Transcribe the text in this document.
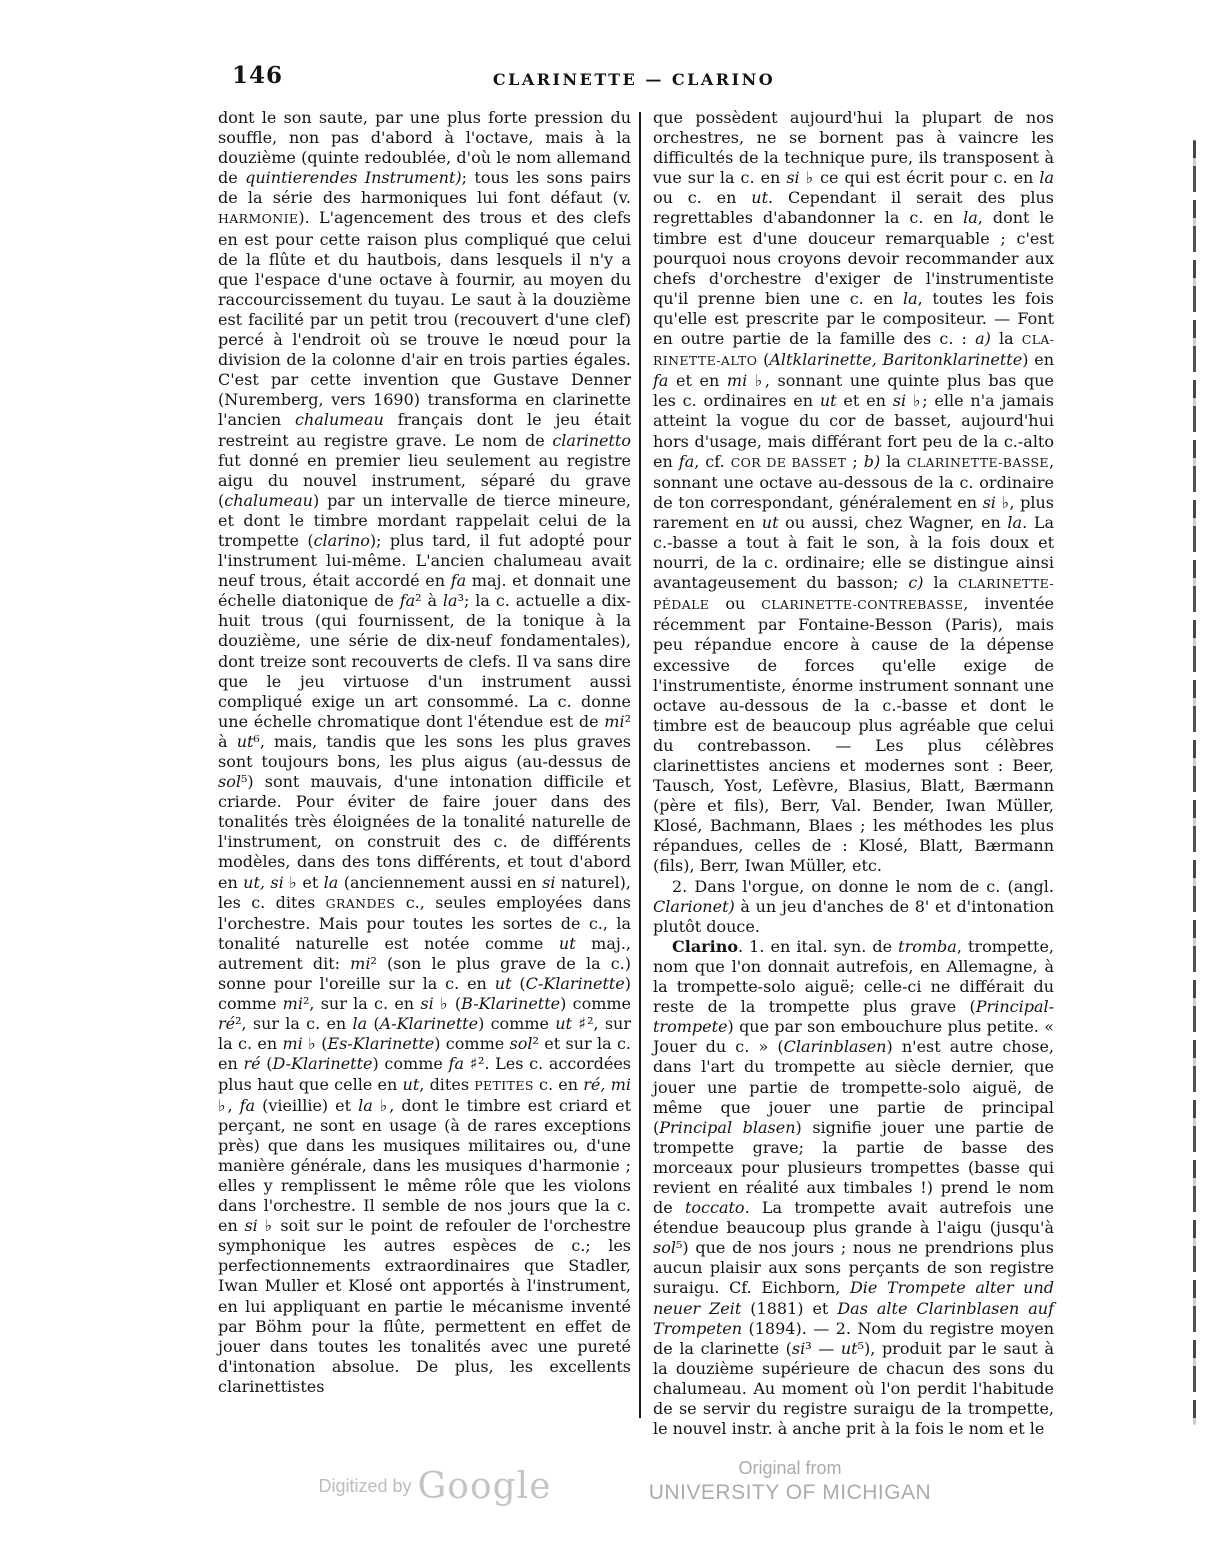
146	CLARINETTE — CLARINO

dont le son saute, par une plus forte pression du souffle, non pas d'abord à l'octave, mais à la douzième (quinte redoublée, d'où le nom allemand de quintierendes Instrument); tous les sons pairs de la série des harmoniques lui font défaut (v. HARMONIE). L'agencement des trous et des clefs en est pour cette raison plus compliqué que celui de la flûte et du hautbois, dans lesquels il n'y a que l'espace d'une octave à fournir, au moyen du raccourcissement du tuyau. Le saut à la douzième est facilité par un petit trou (recouvert d'une clef) percé à l'endroit où se trouve le nœud pour la division de la colonne d'air en trois parties égales. C'est par cette invention que Gustave Denner (Nuremberg, vers 1690) transforma en clarinette l'ancien chalumeau français dont le jeu était restreint au registre grave. Le nom de clarinetto fut donné en premier lieu seulement au registre aigu du nouvel instrument, séparé du grave (chalumeau) par un intervalle de tierce mineure, et dont le timbre mordant rappelait celui de la trompette (clarino); plus tard, il fut adopté pour l'instrument lui-même. L'ancien chalumeau avait neuf trous, était accordé en fa maj. et donnait une échelle diatonique de fa² à la³; la c. actuelle a dix-huit trous (qui fournissent, de la tonique à la douzième, une série de dix-neuf fondamentales), dont treize sont recouverts de clefs. Il va sans dire que le jeu virtuose d'un instrument aussi compliqué exige un art consommé. La c. donne une échelle chromatique dont l'étendue est de mi² à ut⁶, mais, tandis que les sons les plus graves sont toujours bons, les plus aigus (au-dessus de sol⁵) sont mauvais, d'une intonation difficile et criarde. Pour éviter de faire jouer dans des tonalités très éloignées de la tonalité naturelle de l'instrument, on construit des c. de différents modèles, dans des tons différents, et tout d'abord en ut, si ♭ et la (anciennement aussi en si naturel), les c. dites GRANDES c., seules employées dans l'orchestre. Mais pour toutes les sortes de c., la tonalité naturelle est notée comme ut maj., autrement dit: mi² (son le plus grave de la c.) sonne pour l'oreille sur la c. en ut (C-Klarinette) comme mi², sur la c. en si ♭ (B-Klarinette) comme ré², sur la c. en la (A-Klarinette) comme ut ♯², sur la c. en mi ♭ (Es-Klarinette) comme sol² et sur la c. en ré (D-Klarinette) comme fa ♯². Les c. accordées plus haut que celle en ut, dites PETITES c. en ré, mi ♭, fa (vieillie) et la ♭, dont le timbre est criard et perçant, ne sont en usage (à de rares exceptions près) que dans les musiques militaires ou, d'une manière générale, dans les musiques d'harmonie ; elles y remplissent le même rôle que les violons dans l'orchestre. Il semble de nos jours que la c. en si ♭ soit sur le point de refouler de l'orchestre symphonique les autres espèces de c.; les perfectionnements extraordinaires que Stadler, Iwan Muller et Klosé ont apportés à l'instrument, en lui appliquant en partie le mécanisme inventé par Böhm pour la flûte, permettent en effet de jouer dans toutes les tonalités avec une pureté d'intonation absolue. De plus, les excellents clarinettistes

que possèdent aujourd'hui la plupart de nos orchestres, ne se bornent pas à vaincre les difficultés de la technique pure, ils transposent à vue sur la c. en si ♭ ce qui est écrit pour c. en la ou c. en ut. Cependant il serait des plus regrettables d'abandonner la c. en la, dont le timbre est d'une douceur remarquable ; c'est pourquoi nous croyons devoir recommander aux chefs d'orchestre d'exiger de l'instrumentiste qu'il prenne bien une c. en la, toutes les fois qu'elle est prescrite par le compositeur. — Font en outre partie de la famille des c. : a) la CLARINETTE-ALTO (Altklarinette, Baritonklarinette) en fa et en mi ♭, sonnant une quinte plus bas que les c. ordinaires en ut et en si ♭; elle n'a jamais atteint la vogue du cor de basset, aujourd'hui hors d'usage, mais différant fort peu de la c.-alto en fa, cf. COR DE BASSET ; b) la CLARINETTE-BASSE, sonnant une octave au-dessous de la c. ordinaire de ton correspondant, généralement en si ♭, plus rarement en ut ou aussi, chez Wagner, en la. La c.-basse a tout à fait le son, à la fois doux et nourri, de la c. ordinaire; elle se distingue ainsi avantageusement du basson; c) la CLARINETTE-PÉDALE ou CLARINETTE-CONTREBASSE, inventée récemment par Fontaine-Besson (Paris), mais peu répandue encore à cause de la dépense excessive de forces qu'elle exige de l'instrumentiste, énorme instrument sonnant une octave au-dessous de la c.-basse et dont le timbre est de beaucoup plus agréable que celui du contrebasson. — Les plus célèbres clarinettistes anciens et modernes sont : Beer, Tausch, Yost, Lefèvre, Blasius, Blatt, Bærmann (père et fils), Berr, Val. Bender, Iwan Müller, Klosé, Bachmann, Blaes ; les méthodes les plus répandues, celles de : Klosé, Blatt, Bærmann (fils), Berr, Iwan Müller, etc.

2. Dans l'orgue, on donne le nom de c. (angl. Clarionet) à un jeu d'anches de 8' et d'intonation plutôt douce.

Clarino. 1. en ital. syn. de tromba, trompette, nom que l'on donnait autrefois, en Allemagne, à la trompette-solo aiguë; celle-ci ne différait du reste de la trompette plus grave (Principal-trompete) que par son embouchure plus petite. « Jouer du c. » (Clarinblasen) n'est autre chose, dans l'art du trompette au siècle dernier, que jouer une partie de trompette-solo aiguë, de même que jouer une partie de principal (Principal blasen) signifie jouer une partie de trompette grave; la partie de basse des morceaux pour plusieurs trompettes (basse qui revient en réalité aux timbales !) prend le nom de toccato. La trompette avait autrefois une étendue beaucoup plus grande à l'aigu (jusqu'à sol⁵) que de nos jours ; nous ne prendrions plus aucun plaisir aux sons perçants de son registre suraigu. Cf. Eichborn, Die Trompete alter und neuer Zeit (1881) et Das alte Clarinblasen auf Trompeten (1894). — 2. Nom du registre moyen de la clarinette (si³ — ut⁵), produit par le saut à la douzième supérieure de chacun des sons du chalumeau. Au moment où l'on perdit l'habitude de se servir du registre suraigu de la trompette, le nouvel instr. à anche prit à la fois le nom et le

Digitized by Google	Original from
UNIVERSITY OF MICHIGAN
